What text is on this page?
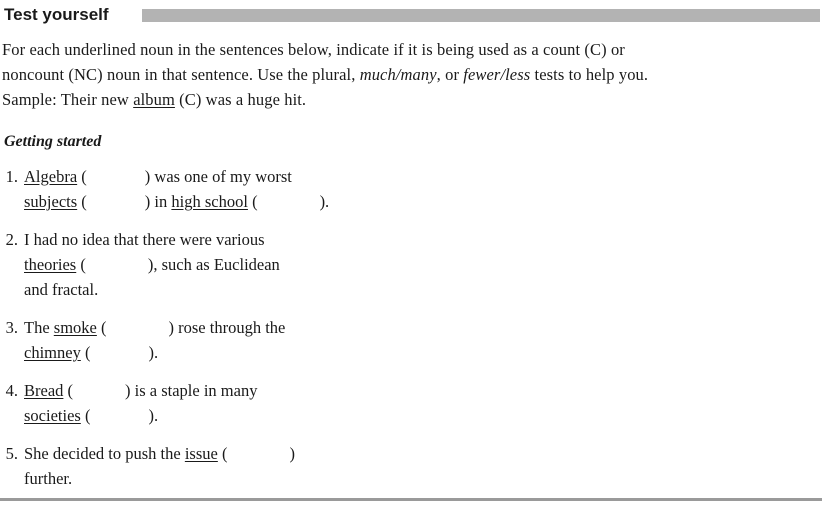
Test yourself
For each underlined noun in the sentences below, indicate if it is being used as a count (C) or
noncount (NC) noun in that sentence. Use the plural, much/many, or fewer/less tests to help you.
Sample: Their new album (C) was a huge hit.
Getting started
1. Algebra (	) was one of my worst
subjects (	) in high school (	).
2. I had no idea that there were various
theories (	), such as Euclidean
and fractal.
3. The smoke (	) rose through the
chimney (	).
4. Bread (	) is a staple in many
societies (	).
5. She decided to push the issue (	)
further.
